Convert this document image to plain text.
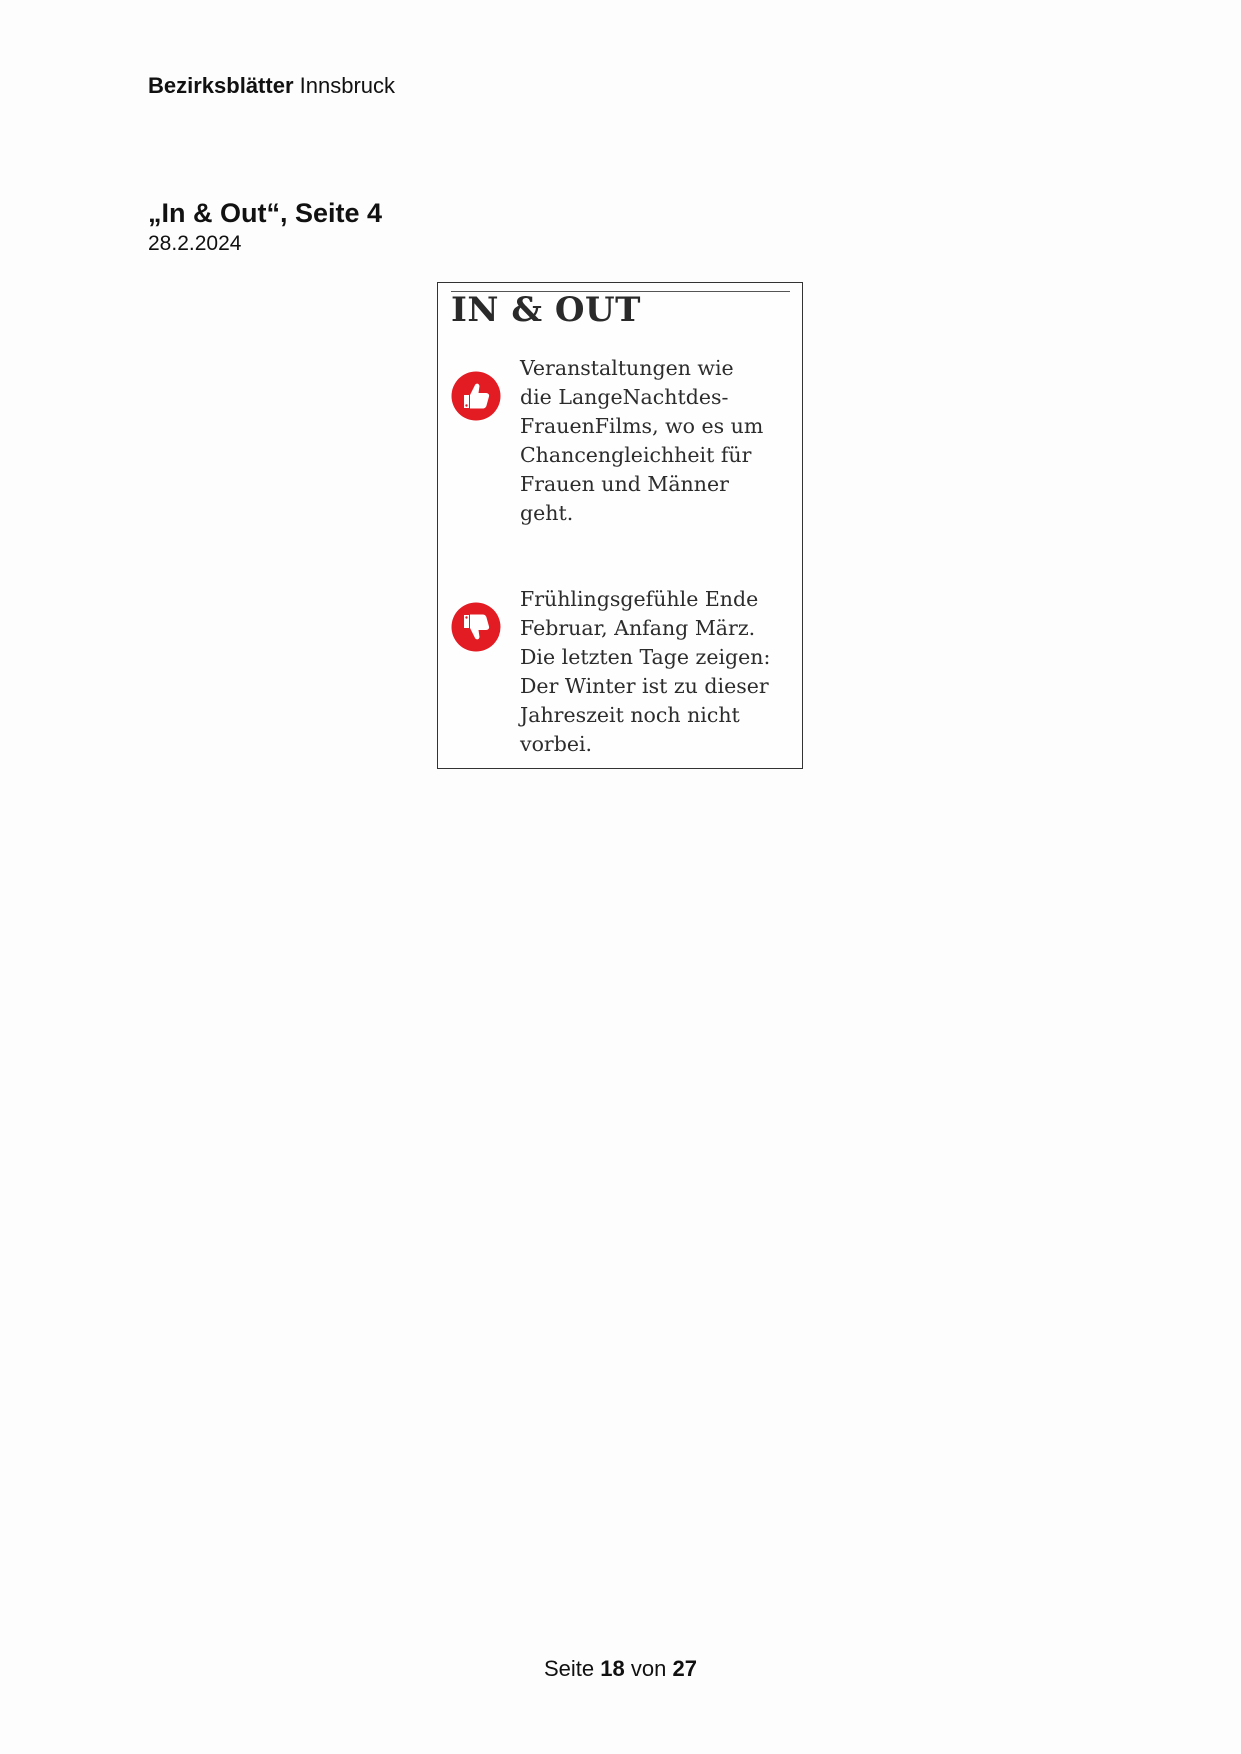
Bezirksblätter Innsbruck
„In & Out“, Seite 4
28.2.2024
IN & OUT
Veranstaltungen wie
die LangeNachtdes-
FrauenFilms, wo es um
Chancengleichheit für
Frauen und Männer
geht.
Frühlingsgefühle Ende
Februar, Anfang März.
Die letzten Tage zeigen:
Der Winter ist zu dieser
Jahreszeit noch nicht
vorbei.
Seite 18 von 27
